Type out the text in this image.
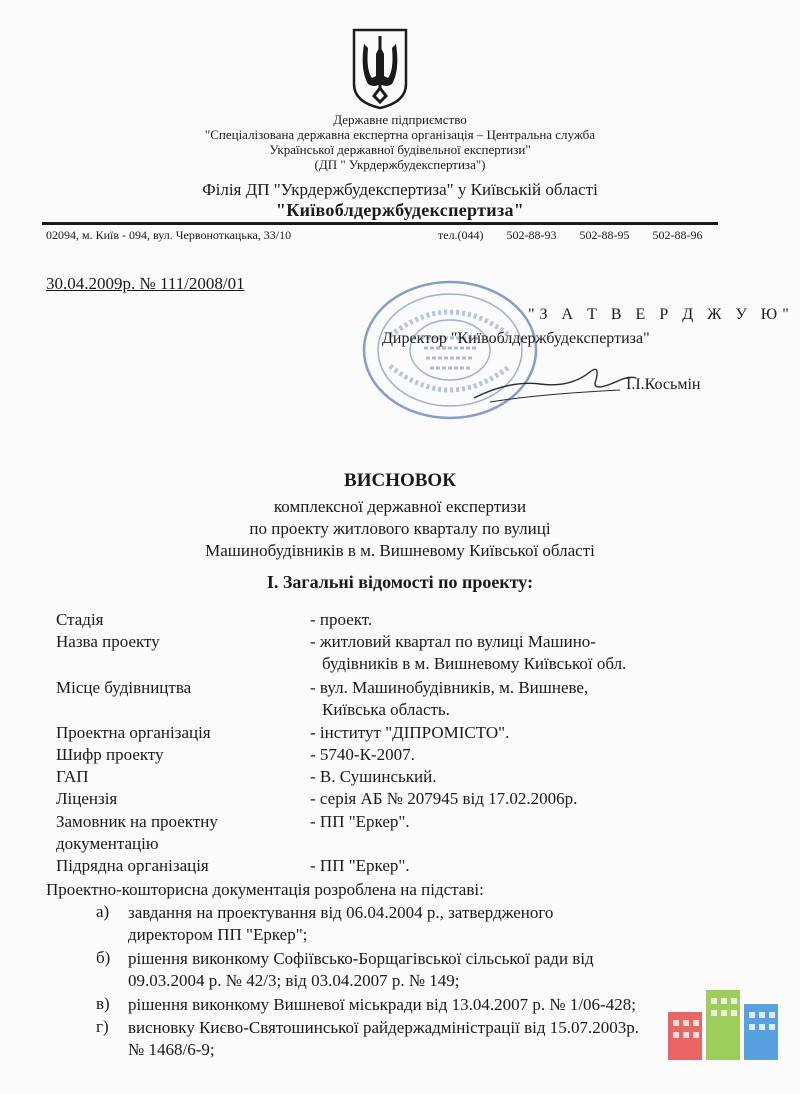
Державне підприємство
"Спеціалізована державна експертна організація – Центральна служба
Української державної будівельної експертизи"
(ДП " Укрдержбудекспертиза")
Філія ДП "Укрдержбудекспертиза" у Київській області
"Київоблдержбудекспертиза"
02094, м. Київ - 094, вул. Червоноткацька, 33/10	тел.(044) 502-88-93 502-88-95 502-88-96
30.04.2009р. № 111/2008/01
"З А Т В Е Р Д Ж У Ю"
Директор "Київоблдержбудекспертиза"
І.І.Косьмін
ВИСНОВОК
комплексної державної експертизи
по проекту житлового кварталу по вулиці
Машинобудівників в м. Вишневому Київської області
І. Загальні відомості по проекту:
Стадія	- проект.
Назва проекту	- житловий квартал по вулиці Машино-
будівників в м. Вишневому Київської обл.
Місце будівництва	- вул. Машинобудівників, м. Вишневе,
Київська область.
Проектна організація	- інститут "ДІПРОМІСТО".
Шифр проекту	- 5740-К-2007.
ГАП	- В. Сушинський.
Ліцензія	- серія АБ № 207945 від 17.02.2006р.
Замовник на проектну
документацію
- ПП "Еркер".
Підрядна організація	- ПП "Еркер".
Проектно-кошторисна документація розроблена на підставі:
а) завдання на проектування від 06.04.2004 р., затвердженого
директором ПП "Еркер";
б) рішення виконкому Софіївсько-Борщагівської сільської ради від
09.03.2004 р. № 42/3; від 03.04.2007 р. № 149;
в) рішення виконкому Вишневої міськради від 13.04.2007 р. № 1/06-428;
г) висновку Києво-Святошинської райдержадміністрації від 15.07.2003р.
№ 1468/6-9;
